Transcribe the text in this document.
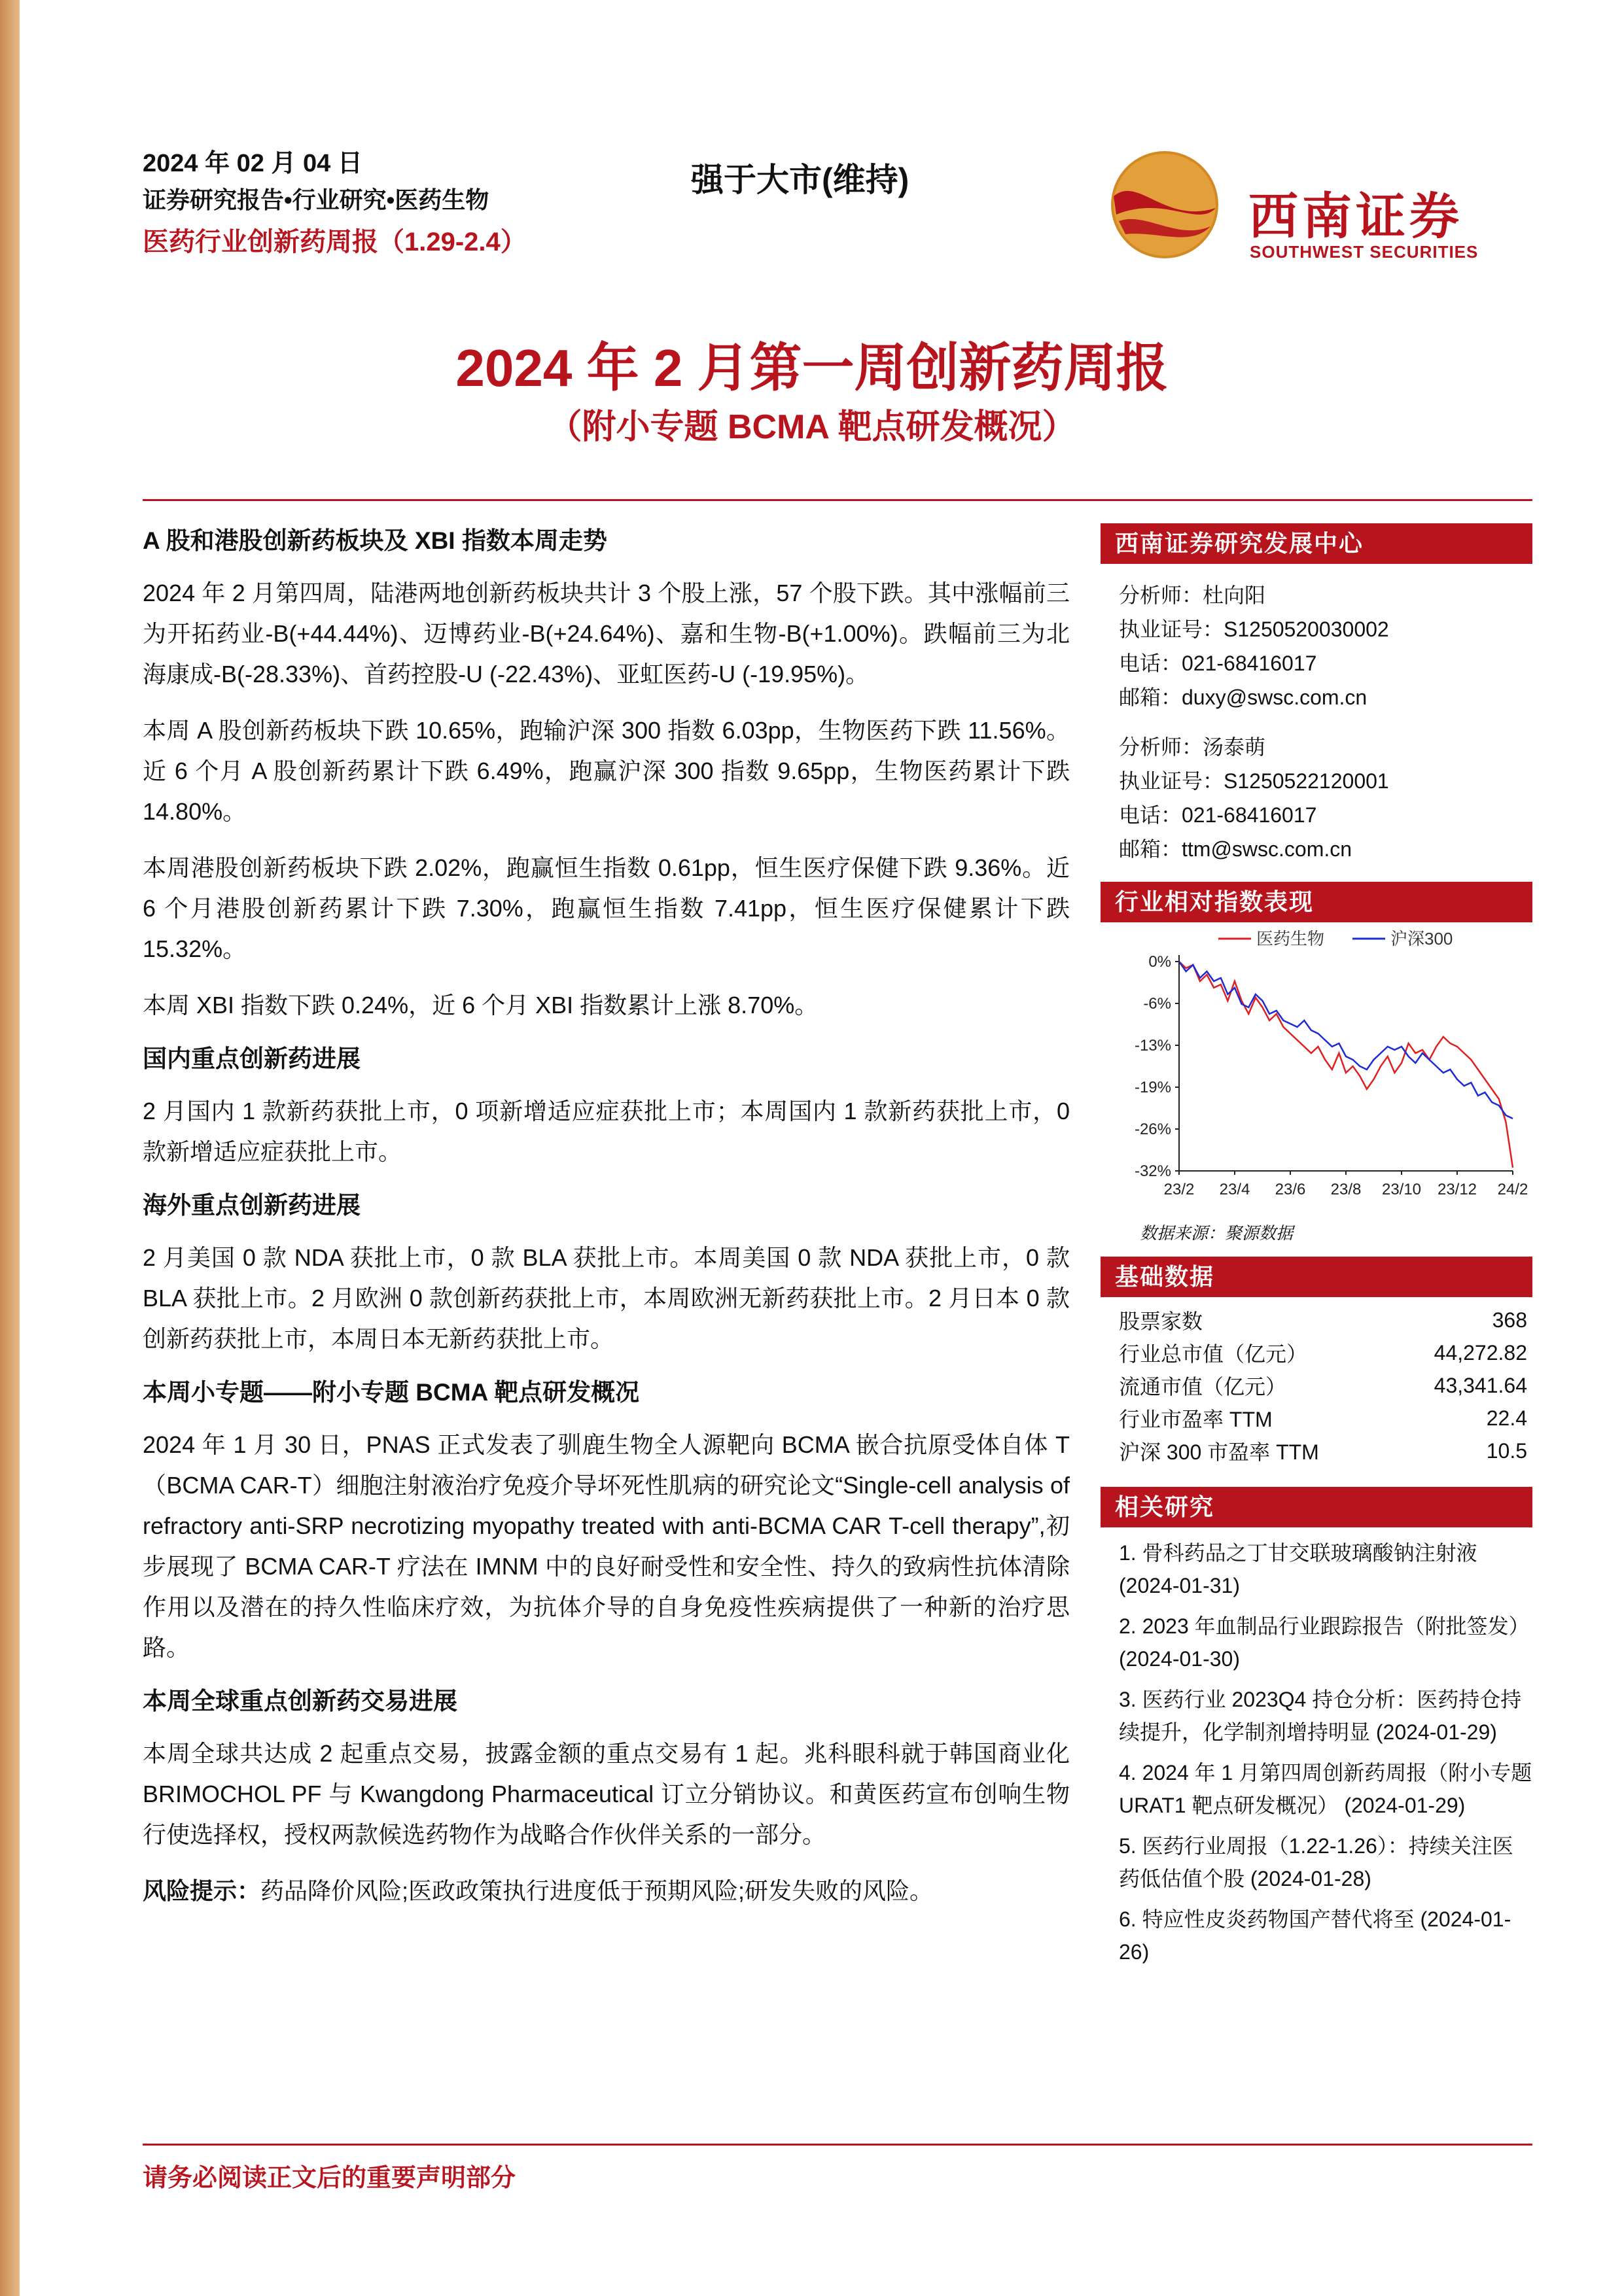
2024 年 02 月 04 日
证券研究报告•行业研究•医药生物
医药行业创新药周报（1.29-2.4）
强于大市(维持)
西南证券
SOUTHWEST SECURITIES
2024 年 2 月第一周创新药周报
（附小专题 BCMA 靶点研发概况）
A 股和港股创新药板块及 XBI 指数本周走势

2024 年 2 月第四周，陆港两地创新药板块共计 3 个股上涨，57 个股下跌。其中涨幅前三为开拓药业-B(+44.44%)、迈博药业-B(+24.64%)、嘉和生物-B(+1.00%)。跌幅前三为北海康成-B(-28.33%)、首药控股-U (-22.43%)、亚虹医药-U (-19.95%)。

本周 A 股创新药板块下跌 10.65%，跑输沪深 300 指数 6.03pp，生物医药下跌 11.56%。近 6 个月 A 股创新药累计下跌 6.49%，跑赢沪深 300 指数 9.65pp，生物医药累计下跌 14.80%。

本周港股创新药板块下跌 2.02%，跑赢恒生指数 0.61pp，恒生医疗保健下跌 9.36%。近 6 个月港股创新药累计下跌 7.30%，跑赢恒生指数 7.41pp，恒生医疗保健累计下跌 15.32%。

本周 XBI 指数下跌 0.24%，近 6 个月 XBI 指数累计上涨 8.70%。

国内重点创新药进展

2 月国内 1 款新药获批上市，0 项新增适应症获批上市；本周国内 1 款新药获批上市，0 款新增适应症获批上市。

海外重点创新药进展

2 月美国 0 款 NDA 获批上市，0 款 BLA 获批上市。本周美国 0 款 NDA 获批上市，0 款 BLA 获批上市。2 月欧洲 0 款创新药获批上市，本周欧洲无新药获批上市。2 月日本 0 款创新药获批上市，本周日本无新药获批上市。

本周小专题——附小专题 BCMA 靶点研发概况

2024 年 1 月 30 日，PNAS 正式发表了驯鹿生物全人源靶向 BCMA 嵌合抗原受体自体 T（BCMA CAR-T）细胞注射液治疗免疫介导坏死性肌病的研究论文“Single-cell analysis of refractory anti-SRP necrotizing myopathy treated with anti-BCMA CAR T-cell therapy”,初步展现了 BCMA CAR-T 疗法在 IMNM 中的良好耐受性和安全性、持久的致病性抗体清除作用以及潜在的持久性临床疗效，为抗体介导的自身免疫性疾病提供了一种新的治疗思路。

本周全球重点创新药交易进展

本周全球共达成 2 起重点交易，披露金额的重点交易有 1 起。兆科眼科就于韩国商业化 BRIMOCHOL PF 与 Kwangdong Pharmaceutical 订立分销协议。和黄医药宣布创响生物行使选择权，授权两款候选药物作为战略合作伙伴关系的一部分。

风险提示：药品降价风险;医政政策执行进度低于预期风险;研发失败的风险。

西南证券研究发展中心
分析师：杜向阳
执业证号：S1250520030002
电话：021-68416017
邮箱：duxy@swsc.com.cn
分析师：汤泰萌
执业证号：S1250522120001
电话：021-68416017
邮箱：ttm@swsc.com.cn
行业相对指数表现
0%
-6%
-13%
-19%
-26%
-32%
23/2 23/4 23/6 23/8 23/10 23/12 24/2
医药生物	沪深300
数据来源：聚源数据
基础数据
股票家数	368
行业总市值（亿元）	44,272.82
流通市值（亿元）	43,341.64
行业市盈率 TTM	22.4
沪深 300 市盈率 TTM	10.5
相关研究
1. 骨科药品之丁甘交联玻璃酸钠注射液 (2024-01-31)
2. 2023 年血制品行业跟踪报告（附批签发） (2024-01-30)
3. 医药行业 2023Q4 持仓分析：医药持仓持续提升，化学制剂增持明显 (2024-01-29)
4. 2024 年 1 月第四周创新药周报（附小专题 URAT1 靶点研发概况） (2024-01-29)
5. 医药行业周报（1.22-1.26）：持续关注医药低估值个股 (2024-01-28)
6. 特应性皮炎药物国产替代将至 (2024-01-26)
请务必阅读正文后的重要声明部分
